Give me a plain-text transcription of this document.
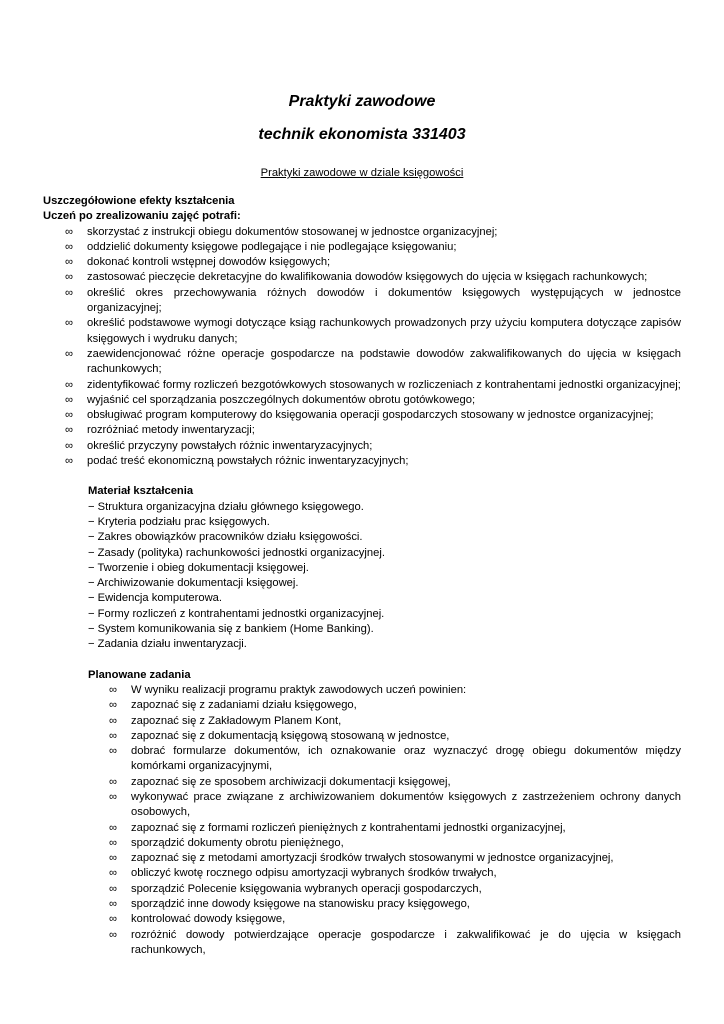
Praktyki zawodowe
technik ekonomista 331403
Praktyki zawodowe w dziale księgowości
Uszczegółowione efekty kształcenia
Uczeń po zrealizowaniu zajęć potrafi:
∞ skorzystać z instrukcji obiegu dokumentów stosowanej w jednostce organizacyjnej;
∞ oddzielić dokumenty księgowe podlegające i nie podlegające księgowaniu;
∞ dokonać kontroli wstępnej dowodów księgowych;
∞ zastosować pieczęcie dekretacyjne do kwalifikowania dowodów księgowych do ujęcia w księgach rachunkowych;
∞ określić okres przechowywania różnych dowodów i dokumentów księgowych występujących w jednostce organizacyjnej;
∞ określić podstawowe wymogi dotyczące ksiąg rachunkowych prowadzonych przy użyciu komputera dotyczące zapisów księgowych i wydruku danych;
∞ zaewidencjonować różne operacje gospodarcze na podstawie dowodów zakwalifikowanych do ujęcia w księgach rachunkowych;
∞ zidentyfikować formy rozliczeń bezgotówkowych stosowanych w rozliczeniach z kontrahentami jednostki organizacyjnej;
∞ wyjaśnić cel sporządzania poszczególnych dokumentów obrotu gotówkowego;
∞ obsługiwać program komputerowy do księgowania operacji gospodarczych stosowany w jednostce organizacyjnej;
∞ rozróżniać metody inwentaryzacji;
∞ określić przyczyny powstałych różnic inwentaryzacyjnych;
∞ podać treść ekonomiczną powstałych różnic inwentaryzacyjnych;
Materiał kształcenia
− Struktura organizacyjna działu głównego księgowego.
− Kryteria podziału prac księgowych.
− Zakres obowiązków pracowników działu księgowości.
− Zasady (polityka) rachunkowości jednostki organizacyjnej.
− Tworzenie i obieg dokumentacji księgowej.
− Archiwizowanie dokumentacji księgowej.
− Ewidencja komputerowa.
− Formy rozliczeń z kontrahentami jednostki organizacyjnej.
− System komunikowania się z bankiem (Home Banking).
− Zadania działu inwentaryzacji.
Planowane zadania
∞ W wyniku realizacji programu praktyk zawodowych uczeń powinien:
∞ zapoznać się z zadaniami działu księgowego,
∞ zapoznać się z Zakładowym Planem Kont,
∞ zapoznać się z dokumentacją księgową stosowaną w jednostce,
∞ dobrać formularze dokumentów, ich oznakowanie oraz wyznaczyć drogę obiegu dokumentów między komórkami organizacyjnymi,
∞ zapoznać się ze sposobem archiwizacji dokumentacji księgowej,
∞ wykonywać prace związane z archiwizowaniem dokumentów księgowych z zastrzeżeniem ochrony danych osobowych,
∞ zapoznać się z formami rozliczeń pieniężnych z kontrahentami jednostki organizacyjnej,
∞ sporządzić dokumenty obrotu pieniężnego,
∞ zapoznać się z metodami amortyzacji środków trwałych stosowanymi w jednostce organizacyjnej,
∞ obliczyć kwotę rocznego odpisu amortyzacji wybranych środków trwałych,
∞ sporządzić Polecenie księgowania wybranych operacji gospodarczych,
∞ sporządzić inne dowody księgowe na stanowisku pracy księgowego,
∞ kontrolować dowody księgowe,
∞ rozróżnić dowody potwierdzające operacje gospodarcze i zakwalifikować je do ujęcia w księgach rachunkowych,
